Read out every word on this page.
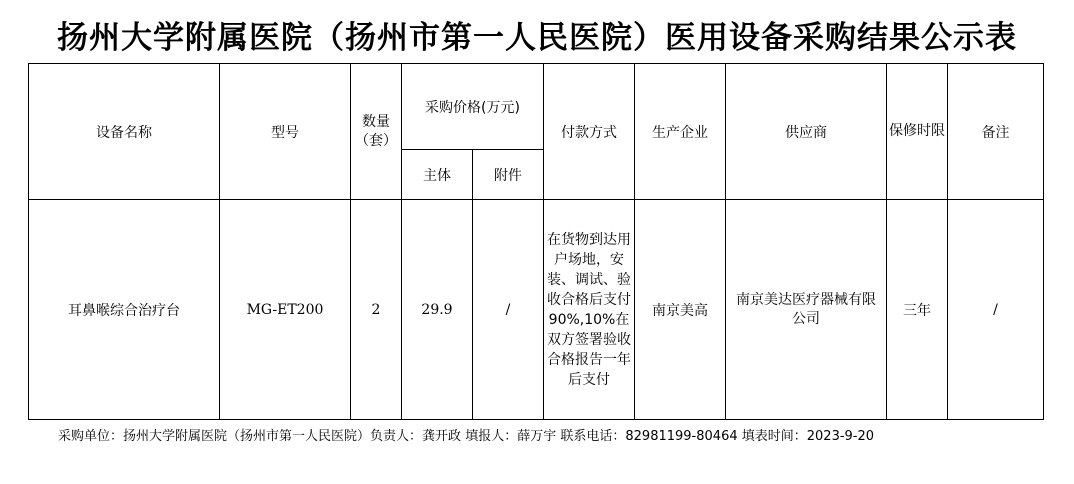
扬州大学附属医院（扬州市第一人民医院）医用设备采购结果公示表
设备名称	型号	数量（套）	采购价格(万元)		付款方式	生产企业	供应商	保修时限	备注
			主体	附件					
耳鼻喉综合治疗台	MG-ET200	2	29.9	/	在货物到达用户场地，安装、调试、验收合格后支付90%,10%在双方签署验收合格报告一年后支付	南京美高	南京美达医疗器械有限公司	三年	/
采购单位：扬州大学附属医院（扬州市第一人民医院）负责人：龚开政 填报人：薛万宇 联系电话：82981199-80464 填表时间：2023-9-20
